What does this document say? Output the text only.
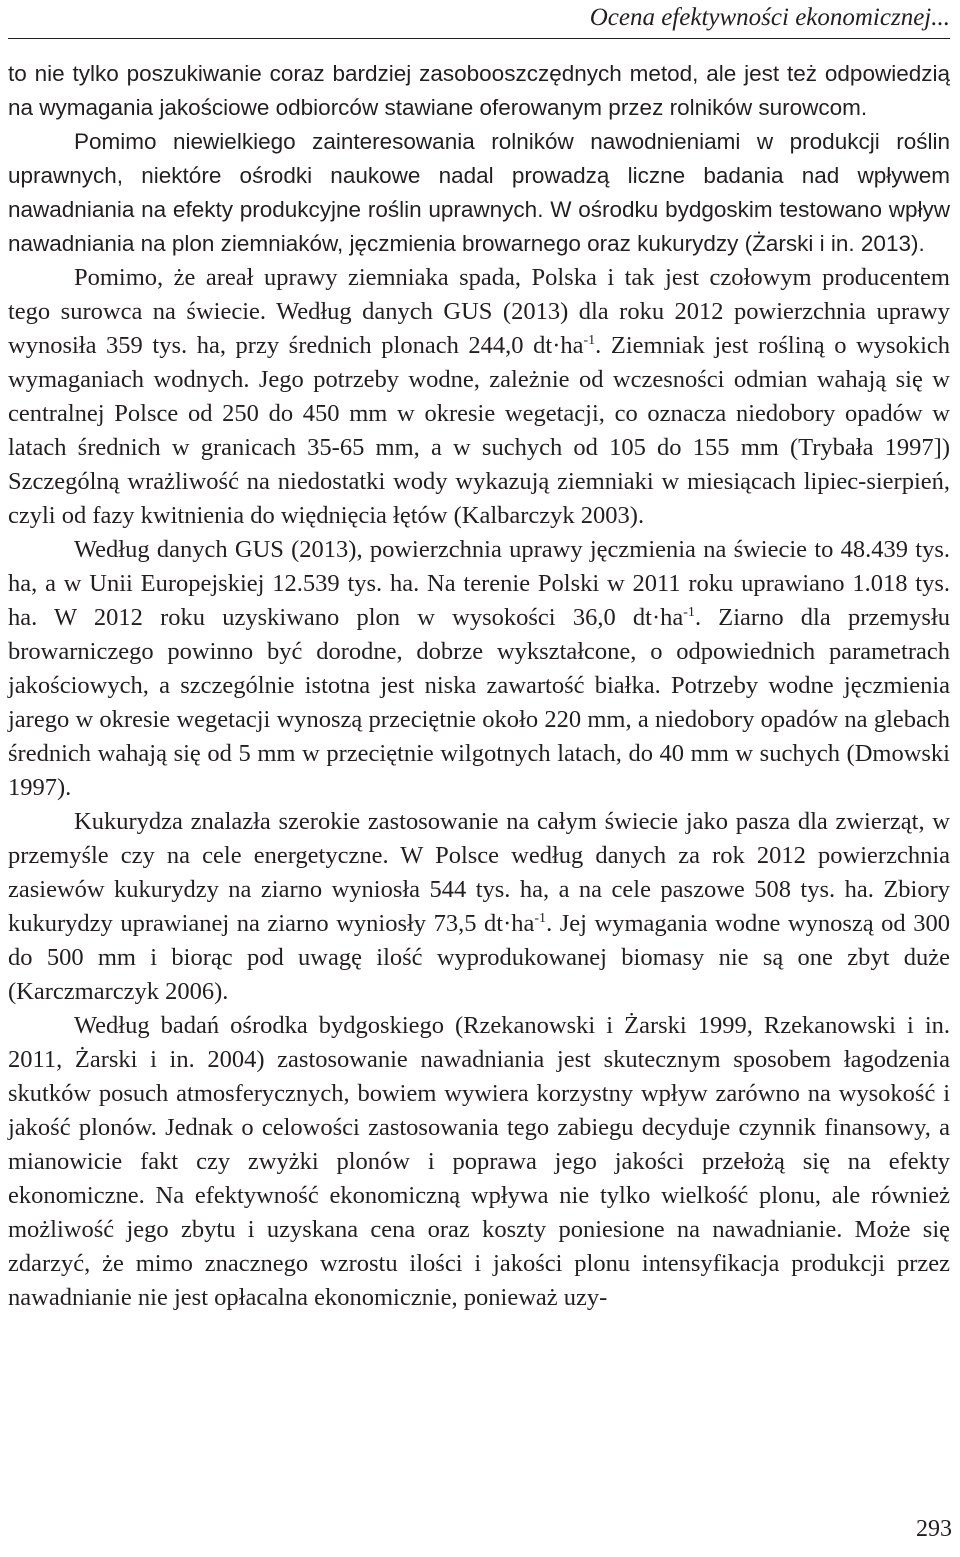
Ocena efektywności ekonomicznej...

to nie tylko poszukiwanie coraz bardziej zasobooszczędnych metod, ale jest też odpowiedzią na wymagania jakościowe odbiorców stawiane oferowanym przez rolników surowcom.

Pomimo niewielkiego zainteresowania rolników nawodnieniami w produkcji roślin uprawnych, niektóre ośrodki naukowe nadal prowadzą liczne badania nad wpływem nawadniania na efekty produkcyjne roślin uprawnych. W ośrodku bydgoskim testowano wpływ nawadniania na plon ziemniaków, jęczmienia browarnego oraz kukurydzy (Żarski i in. 2013).

Pomimo, że areał uprawy ziemniaka spada, Polska i tak jest czołowym producentem tego surowca na świecie. Według danych GUS (2013) dla roku 2012 powierzchnia uprawy wynosiła 359 tys. ha, przy średnich plonach 244,0 $dt\cdot ha^{-1}$. Ziemniak jest rośliną o wysokich wymaganiach wodnych. Jego potrzeby wodne, zależnie od wczesności odmian wahają się w centralnej Polsce od 250 do 450 mm w okresie wegetacji, co oznacza niedobory opadów w latach średnich w granicach 35-65 mm, a w suchych od 105 do 155 mm (Trybała 1997]) Szczególną wrażliwość na niedostatki wody wykazują ziemniaki w miesiącach lipiec-sierpień, czyli od fazy kwitnienia do więdnięcia łętów (Kalbarczyk 2003).

Według danych GUS (2013), powierzchnia uprawy jęczmienia na świecie to 48.439 tys. ha, a w Unii Europejskiej 12.539 tys. ha. Na terenie Polski w 2011 roku uprawiano 1.018 tys. ha. W 2012 roku uzyskiwano plon w wysokości 36,0 $dt\cdot ha^{-1}$. Ziarno dla przemysłu browarniczego powinno być dorodne, dobrze wykształcone, o odpowiednich parametrach jakościowych, a szczególnie istotna jest niska zawartość białka. Potrzeby wodne jęczmienia jarego w okresie wegetacji wynoszą przeciętnie około 220 mm, a niedobory opadów na glebach średnich wahają się od 5 mm w przeciętnie wilgotnych latach, do 40 mm w suchych (Dmowski 1997).

Kukurydza znalazła szerokie zastosowanie na całym świecie jako pasza dla zwierząt, w przemyśle czy na cele energetyczne. W Polsce według danych za rok 2012 powierzchnia zasiewów kukurydzy na ziarno wyniosła 544 tys. ha, a na cele paszowe 508 tys. ha. Zbiory kukurydzy uprawianej na ziarno wyniosły 73,5 $dt\cdot ha^{-1}$. Jej wymagania wodne wynoszą od 300 do 500 mm i biorąc pod uwagę ilość wyprodukowanej biomasy nie są one zbyt duże (Karczmarczyk 2006).

Według badań ośrodka bydgoskiego (Rzekanowski i Żarski 1999, Rzekanowski i in. 2011, Żarski i in. 2004) zastosowanie nawadniania jest skutecznym sposobem łagodzenia skutków posuch atmosferycznych, bowiem wywiera korzystny wpływ zarówno na wysokość i jakość plonów. Jednak o celowości zastosowania tego zabiegu decyduje czynnik finansowy, a mianowicie fakt czy zwyżki plonów i poprawa jego jakości przełożą się na efekty ekonomiczne. Na efektywność ekonomiczną wpływa nie tylko wielkość plonu, ale również możliwość jego zbytu i uzyskana cena oraz koszty poniesione na nawadnianie. Może się zdarzyć, że mimo znacznego wzrostu ilości i jakości plonu intensyfikacja produkcji przez nawadnianie nie jest opłacalna ekonomicznie, ponieważ uzy-

293
